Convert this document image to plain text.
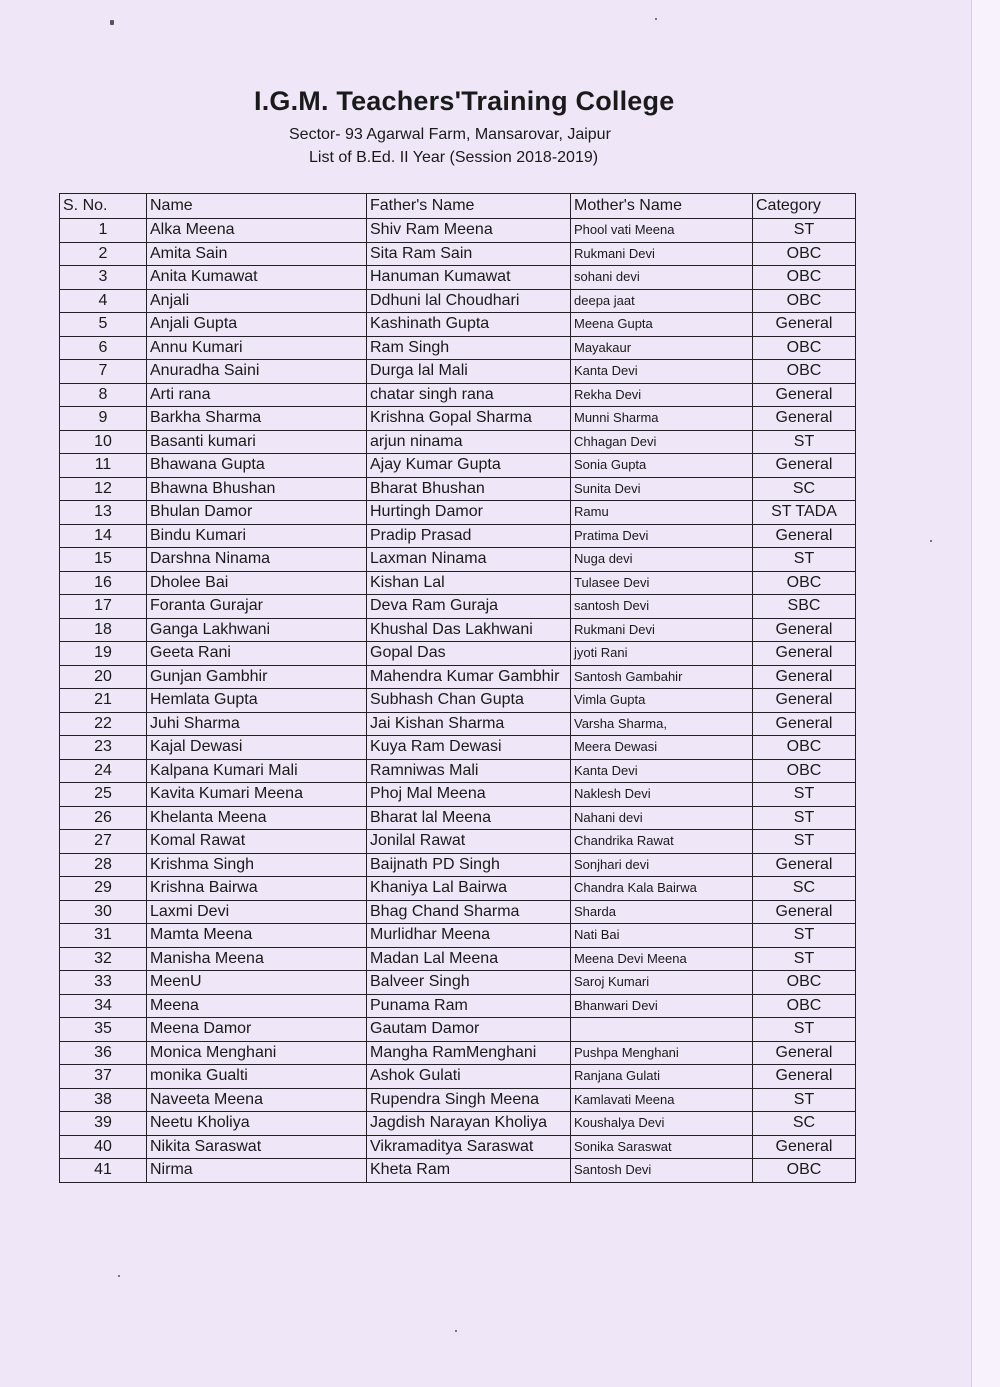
I.G.M. Teachers'Training College
Sector- 93 Agarwal Farm, Mansarovar, Jaipur
List of B.Ed. II Year (Session 2018-2019)
S. No.	Name	Father's Name	Mother's Name	Category
1	Alka Meena	Shiv Ram Meena	Phool vati Meena	ST
2	Amita Sain	Sita Ram Sain	Rukmani Devi	OBC
3	Anita Kumawat	Hanuman Kumawat	sohani devi	OBC
4	Anjali	Ddhuni lal Choudhari	deepa jaat	OBC
5	Anjali Gupta	Kashinath Gupta	Meena Gupta	General
6	Annu Kumari	Ram Singh	Mayakaur	OBC
7	Anuradha Saini	Durga lal Mali	Kanta Devi	OBC
8	Arti rana	chatar singh rana	Rekha Devi	General
9	Barkha Sharma	Krishna Gopal Sharma	Munni Sharma	General
10	Basanti kumari	arjun ninama	Chhagan Devi	ST
11	Bhawana Gupta	Ajay Kumar Gupta	Sonia Gupta	General
12	Bhawna Bhushan	Bharat Bhushan	Sunita Devi	SC
13	Bhulan Damor	Hurtingh Damor	Ramu	ST TADA
14	Bindu Kumari	Pradip Prasad	Pratima Devi	General
15	Darshna Ninama	Laxman Ninama	Nuga devi	ST
16	Dholee Bai	Kishan Lal	Tulasee Devi	OBC
17	Foranta Gurajar	Deva Ram Guraja	santosh Devi	SBC
18	Ganga Lakhwani	Khushal Das Lakhwani	Rukmani Devi	General
19	Geeta Rani	Gopal Das	jyoti Rani	General
20	Gunjan Gambhir	Mahendra Kumar Gambhir	Santosh Gambahir	General
21	Hemlata Gupta	Subhash Chan Gupta	Vimla Gupta	General
22	Juhi Sharma	Jai Kishan Sharma	Varsha Sharma,	General
23	Kajal Dewasi	Kuya Ram Dewasi	Meera Dewasi	OBC
24	Kalpana Kumari Mali	Ramniwas Mali	Kanta Devi	OBC
25	Kavita Kumari Meena	Phoj Mal Meena	Naklesh Devi	ST
26	Khelanta Meena	Bharat lal Meena	Nahani devi	ST
27	Komal Rawat	Jonilal Rawat	Chandrika Rawat	ST
28	Krishma Singh	Baijnath PD Singh	Sonjhari devi	General
29	Krishna Bairwa	Khaniya Lal Bairwa	Chandra Kala Bairwa	SC
30	Laxmi Devi	Bhag Chand Sharma	Sharda	General
31	Mamta Meena	Murlidhar Meena	Nati Bai	ST
32	Manisha Meena	Madan Lal Meena	Meena Devi Meena	ST
33	MeenU	Balveer Singh	Saroj Kumari	OBC
34	Meena	Punama Ram	Bhanwari Devi	OBC
35	Meena Damor	Gautam Damor		ST
36	Monica Menghani	Mangha RamMenghani	Pushpa Menghani	General
37	monika Gualti	Ashok Gulati	Ranjana Gulati	General
38	Naveeta Meena	Rupendra Singh Meena	Kamlavati Meena	ST
39	Neetu Kholiya	Jagdish Narayan Kholiya	Koushalya Devi	SC
40	Nikita Saraswat	Vikramaditya Saraswat	Sonika Saraswat	General
41	Nirma	Kheta Ram	Santosh Devi	OBC
